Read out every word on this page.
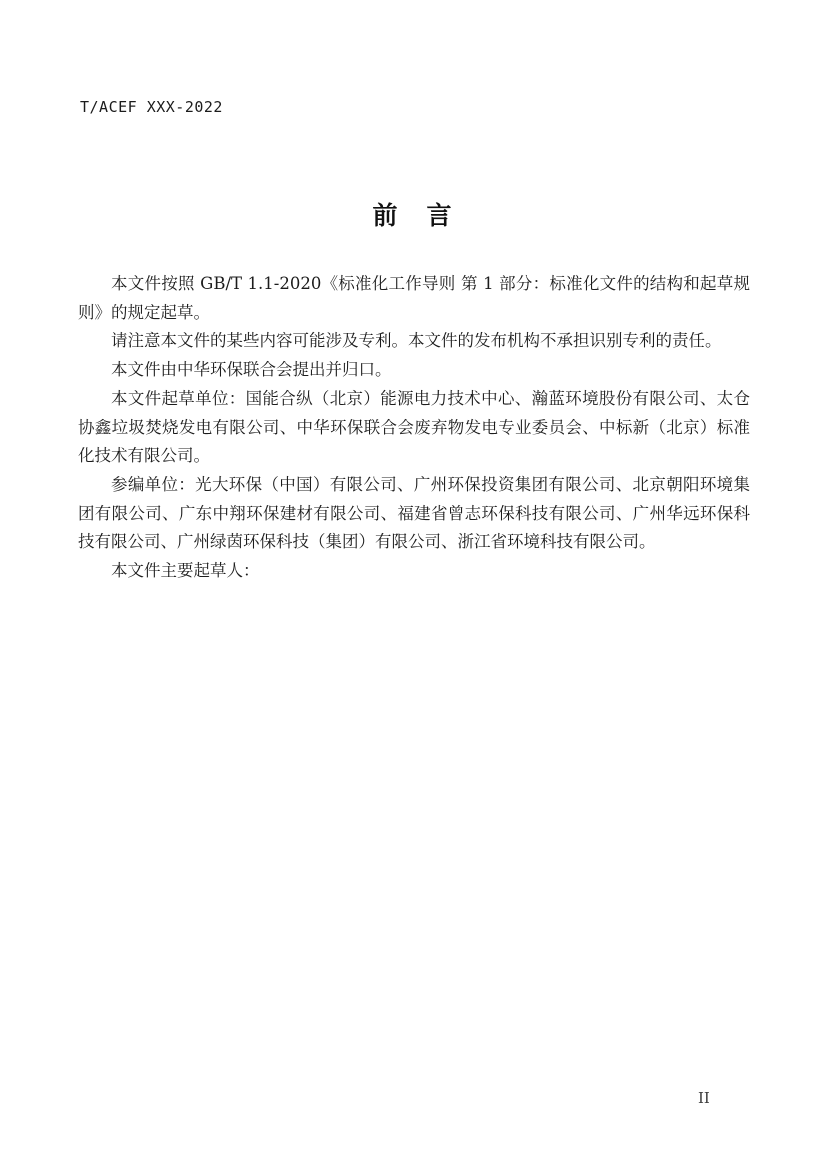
T/ACEF XXX-2022
前　言

本文件按照 GB/T 1.1-2020《标准化工作导则 第 1 部分：标准化文件的结构和起草规则》的规定起草。

请注意本文件的某些内容可能涉及专利。本文件的发布机构不承担识别专利的责任。

本文件由中华环保联合会提出并归口。

本文件起草单位：国能合纵（北京）能源电力技术中心、瀚蓝环境股份有限公司、太仓协鑫垃圾焚烧发电有限公司、中华环保联合会废弃物发电专业委员会、中标新（北京）标准化技术有限公司。

参编单位：光大环保（中国）有限公司、广州环保投资集团有限公司、北京朝阳环境集团有限公司、广东中翔环保建材有限公司、福建省曾志环保科技有限公司、广州华远环保科技有限公司、广州绿茵环保科技（集团）有限公司、浙江省环境科技有限公司。

本文件主要起草人：

II
